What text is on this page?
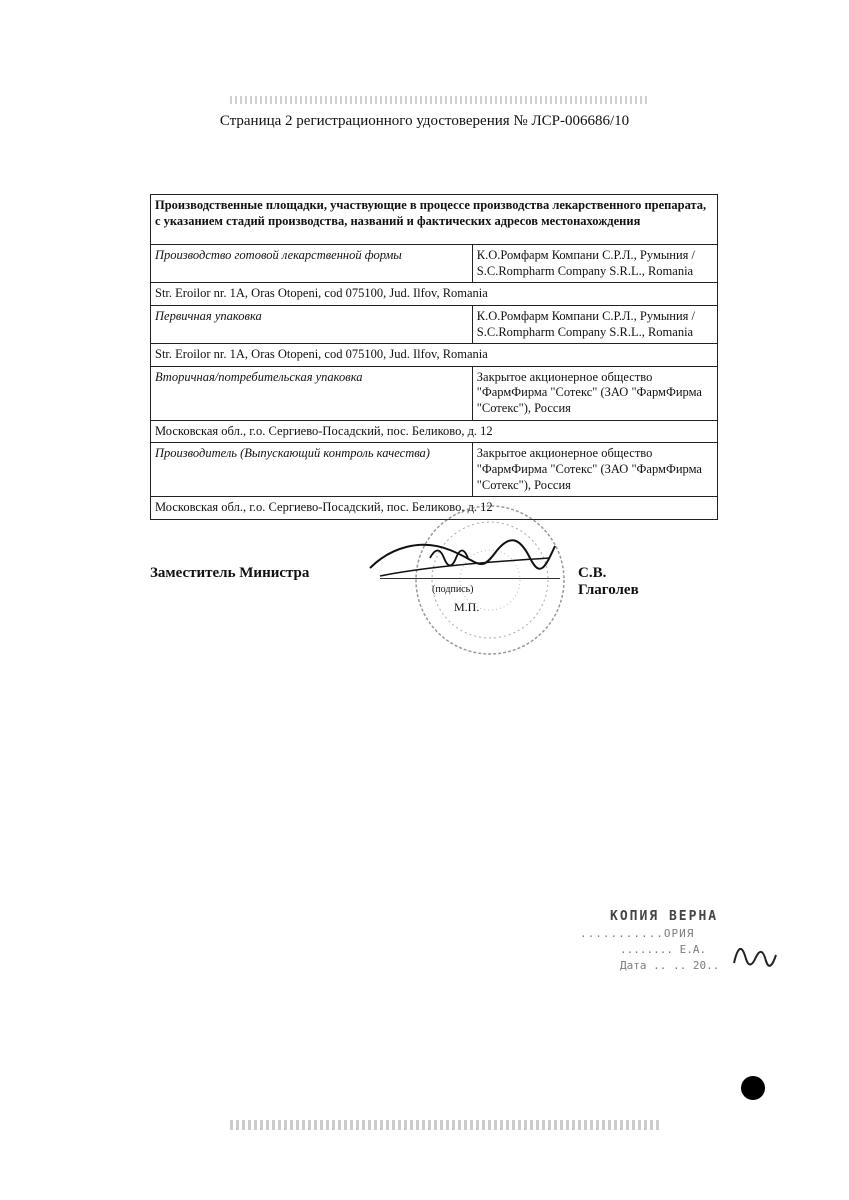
Страница 2 регистрационного удостоверения № ЛСР-006686/10
Производственные площадки, участвующие в процессе производства лекарственного препарата, с указанием стадий производства, названий и фактических адресов местонахождения	
Производство готовой лекарственной формы	К.О.Ромфарм Компани С.Р.Л., Румыния / S.C.Rompharm Company S.R.L., Romania
Str. Eroilor nr. 1A, Oras Otopeni, cod 075100, Jud. Ilfov, Romania	
Первичная упаковка	К.О.Ромфарм Компани С.Р.Л., Румыния / S.C.Rompharm Company S.R.L., Romania
Str. Eroilor nr. 1A, Oras Otopeni, cod 075100, Jud. Ilfov, Romania	
Вторичная/потребительская упаковка	Закрытое акционерное общество "ФармФирма "Сотекс" (ЗАО "ФармФирма "Сотекс"), Россия
Московская обл., г.о. Сергиево-Посадский, пос. Беликово, д. 12	
Производитель (Выпускающий контроль качества)	Закрытое акционерное общество "ФармФирма "Сотекс" (ЗАО "ФармФирма "Сотекс"), Россия
Московская обл., г.о. Сергиево-Посадский, пос. Беликово, д. 12	
Заместитель Министра	С.В. Глаголев
(подпись)
М.П.
КОПИЯ ВЕРНА
...........ОРИЯ
........ Е.А.
Дата .. .. 20..
